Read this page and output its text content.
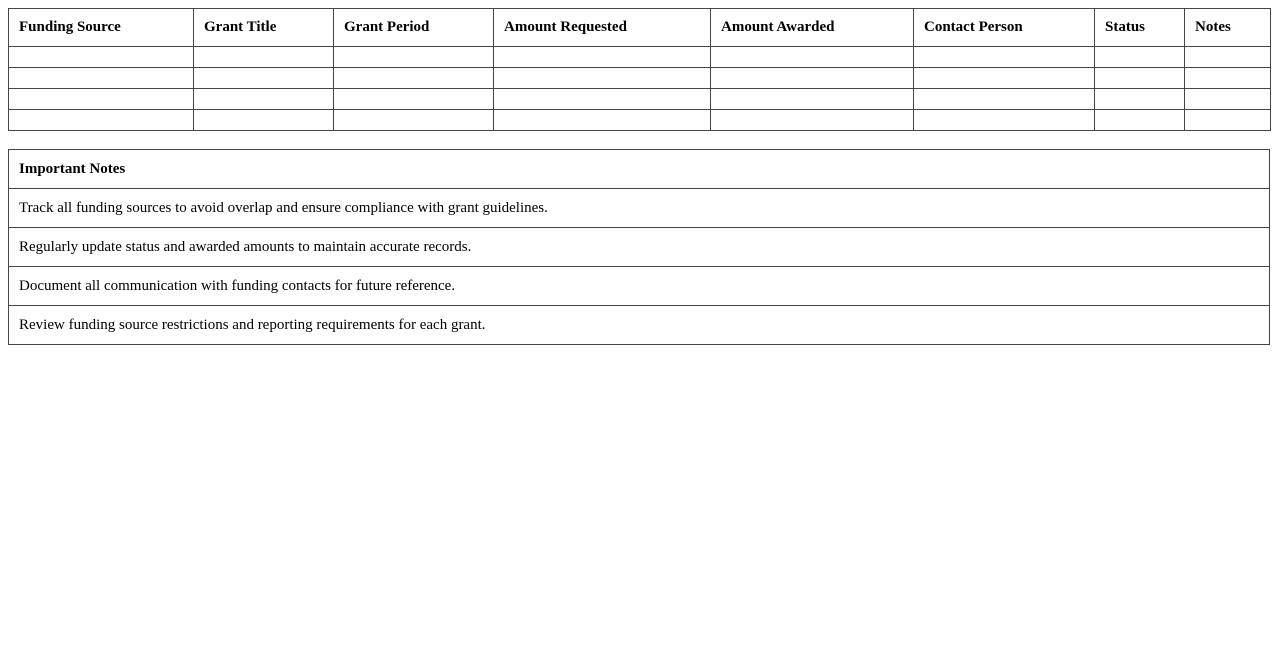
Funding Source	Grant Title	Grant Period	Amount Requested	Amount Awarded	Contact Person	Status	Notes

Important Notes
Track all funding sources to avoid overlap and ensure compliance with grant guidelines.
Regularly update status and awarded amounts to maintain accurate records.
Document all communication with funding contacts for future reference.
Review funding source restrictions and reporting requirements for each grant.
